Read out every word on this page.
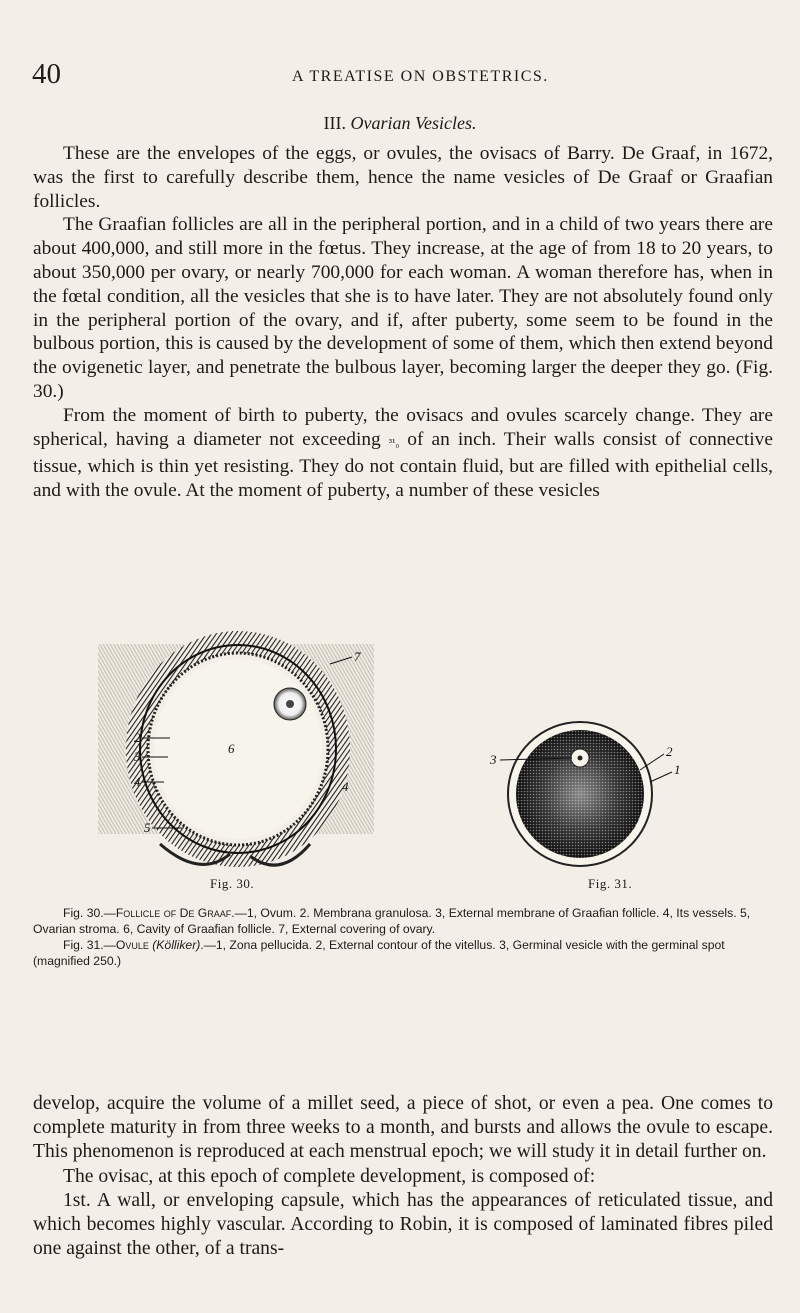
40	A TREATISE ON OBSTETRICS.
III. Ovarian Vesicles.

These are the envelopes of the eggs, or ovules, the ovisacs of Barry. De Graaf, in 1672, was the first to carefully describe them, hence the name vesicles of De Graaf or Graafian follicles.

The Graafian follicles are all in the peripheral portion, and in a child of two years there are about 400,000, and still more in the fœtus. They increase, at the age of from 18 to 20 years, to about 350,000 per ovary, or nearly 700,000 for each woman. A woman therefore has, when in the fœtal condition, all the vesicles that she is to have later. They are not absolutely found only in the peripheral portion of the ovary, and if, after puberty, some seem to be found in the bulbous portion, this is caused by the development of some of them, which then extend beyond the ovigenetic layer, and penetrate the bulbous layer, becoming larger the deeper they go. (Fig. 30.)

From the moment of birth to puberty, the ovisacs and ovules scarcely change. They are spherical, having a diameter not exceeding ³¹₀ of an inch. Their walls consist of connective tissue, which is thin yet resisting. They do not contain fluid, but are filled with epithelial cells, and with the ovule. At the moment of puberty, a number of these vesicles

7
6
2
3
4	4
5
Fig. 30.
3
2
1
Fig. 31.

Fig. 30.—Follicle of De Graaf.—1, Ovum. 2. Membrana granulosa. 3, External membrane of Graafian follicle. 4, Its vessels. 5, Ovarian stroma. 6, Cavity of Graafian follicle. 7, External covering of ovary.

Fig. 31.—Ovule (Kölliker).—1, Zona pellucida. 2, External contour of the vitellus. 3, Germinal vesicle with the germinal spot (magnified 250.)

develop, acquire the volume of a millet seed, a piece of shot, or even a pea. One comes to complete maturity in from three weeks to a month, and bursts and allows the ovule to escape. This phenomenon is reproduced at each menstrual epoch; we will study it in detail further on.

The ovisac, at this epoch of complete development, is composed of:

1st. A wall, or enveloping capsule, which has the appearances of reticulated tissue, and which becomes highly vascular. According to Robin, it is composed of laminated fibres piled one against the other, of a trans-
